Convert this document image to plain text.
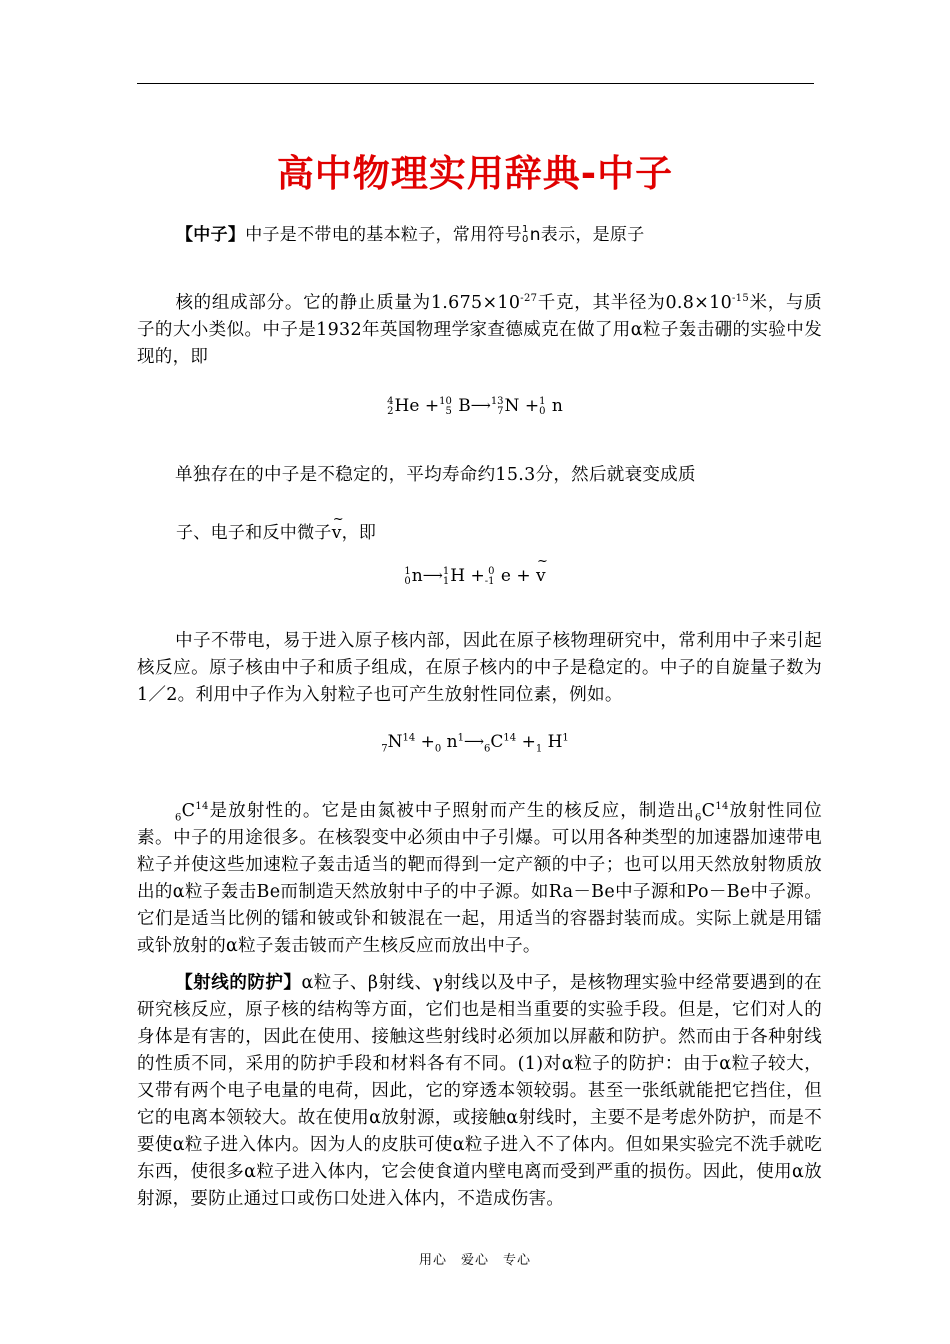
高中物理实用辞典-中子
【中子】中子是不带电的基本粒子，常用符号 1
0 n表示，是原子
核的组成部分。它的静止质量为$1.675\times 10^{-27}$千克，其半径为$0.8\times 10^{-15}$米，与质子的大小类似。中子是1932年英国物理学家查德威克在做了用α粒子轰击硼的实验中发现的，即
4
2 He + 10
5 B⟶ 13
7 N + 1
0 n
单独存在的中子是不稳定的，平均寿命约15.3分，然后就衰变成质
子、电子和反中微子~ v，即
1
0 n⟶ 1
1 H + 0
-1 e + ~ v
中子不带电，易于进入原子核内部，因此在原子核物理研究中，常利用中子来引起核反应。原子核由中子和质子组成，在原子核内的中子是稳定的。中子的自旋量子数为1／2。利用中子作为入射粒子也可产生放射性同位素，例如。
$_7N^{14} +_0$ $n^1⟶_6C^{14} +_1$ $H^1$
$_6C^{14}$是放射性的。它是由氮被中子照射而产生的核反应，制造出$_6C^{14}$放射性同位素。中子的用途很多。在核裂变中必须由中子引爆。可以用各种类型的加速器加速带电粒子并使这些加速粒子轰击适当的靶而得到一定产额的中子；也可以用天然放射物质放出的α粒子轰击Be而制造天然放射中子的中子源。如Ra－Be中子源和Po－Be中子源。它们是适当比例的镭和铍或钋和铍混在一起，用适当的容器封装而成。实际上就是用镭或钋放射的α粒子轰击铍而产生核反应而放出中子。
【射线的防护】α粒子、β射线、γ射线以及中子，是核物理实验中经常要遇到的在研究核反应，原子核的结构等方面，它们也是相当重要的实验手段。但是，它们对人的身体是有害的，因此在使用、接触这些射线时必须加以屏蔽和防护。然而由于各种射线的性质不同，采用的防护手段和材料各有不同。(1)对α粒子的防护：由于α粒子较大，又带有两个电子电量的电荷，因此，它的穿透本领较弱。甚至一张纸就能把它挡住，但它的电离本领较大。故在使用α放射源，或接触α射线时，主要不是考虑外防护，而是不要使α粒子进入体内。因为人的皮肤可使α粒子进入不了体内。但如果实验完不洗手就吃东西，使很多α粒子进入体内，它会使食道内壁电离而受到严重的损伤。因此，使用α放射源，要防止通过口或伤口处进入体内，不造成伤害。
用心　爱心　专心
